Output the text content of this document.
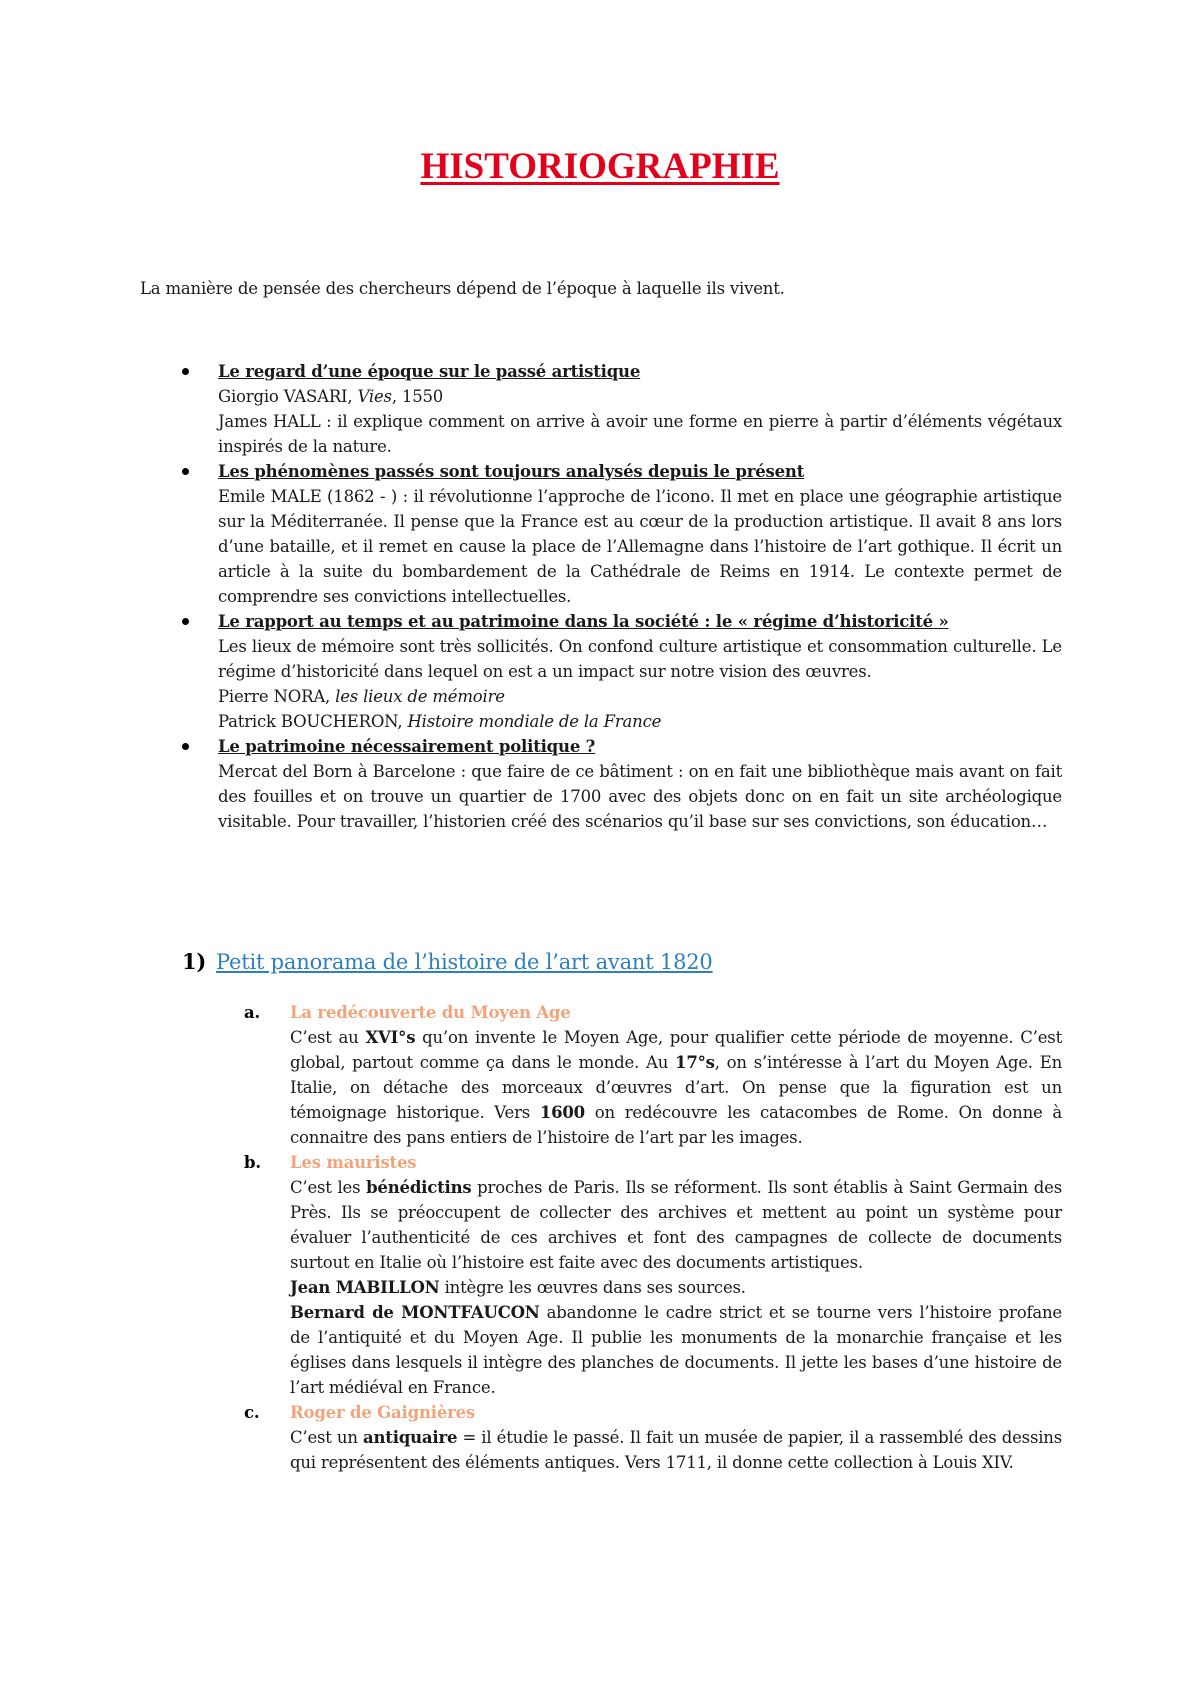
HISTORIOGRAPHIE
La manière de pensée des chercheurs dépend de l’époque à laquelle ils vivent.
Le regard d’une époque sur le passé artistique
Giorgio VASARI, Vies, 1550
James HALL : il explique comment on arrive à avoir une forme en pierre à partir d’éléments végétaux inspirés de la nature.
Les phénomènes passés sont toujours analysés depuis le présent
Emile MALE (1862 - ) : il révolutionne l’approche de l’icono. Il met en place une géographie artistique sur la Méditerranée. Il pense que la France est au cœur de la production artistique. Il avait 8 ans lors d’une bataille, et il remet en cause la place de l’Allemagne dans l’histoire de l’art gothique. Il écrit un article à la suite du bombardement de la Cathédrale de Reims en 1914. Le contexte permet de comprendre ses convictions intellectuelles.
Le rapport au temps et au patrimoine dans la société : le « régime d’historicité »
Les lieux de mémoire sont très sollicités. On confond culture artistique et consommation culturelle. Le régime d’historicité dans lequel on est a un impact sur notre vision des œuvres.
Pierre NORA, les lieux de mémoire
Patrick BOUCHERON, Histoire mondiale de la France
Le patrimoine nécessairement politique ?
Mercat del Born à Barcelone : que faire de ce bâtiment : on en fait une bibliothèque mais avant on fait des fouilles et on trouve un quartier de 1700 avec des objets donc on en fait un site archéologique visitable. Pour travailler, l’historien créé des scénarios qu’il base sur ses convictions, son éducation…
1) Petit panorama de l’histoire de l’art avant 1820
a. La redécouverte du Moyen Age
C’est au XVI°s qu’on invente le Moyen Age, pour qualifier cette période de moyenne. C’est global, partout comme ça dans le monde. Au 17°s, on s’intéresse à l’art du Moyen Age. En Italie, on détache des morceaux d’œuvres d’art. On pense que la figuration est un témoignage historique. Vers 1600 on redécouvre les catacombes de Rome. On donne à connaitre des pans entiers de l’histoire de l’art par les images.
b. Les mauristes
C’est les bénédictins proches de Paris. Ils se réforment. Ils sont établis à Saint Germain des Près. Ils se préoccupent de collecter des archives et mettent au point un système pour évaluer l’authenticité de ces archives et font des campagnes de collecte de documents surtout en Italie où l’histoire est faite avec des documents artistiques.
Jean MABILLON intègre les œuvres dans ses sources.
Bernard de MONTFAUCON abandonne le cadre strict et se tourne vers l’histoire profane de l’antiquité et du Moyen Age. Il publie les monuments de la monarchie française et les églises dans lesquels il intègre des planches de documents. Il jette les bases d’une histoire de l’art médiéval en France.
c. Roger de Gaignières
C’est un antiquaire = il étudie le passé. Il fait un musée de papier, il a rassemblé des dessins qui représentent des éléments antiques. Vers 1711, il donne cette collection à Louis XIV.
